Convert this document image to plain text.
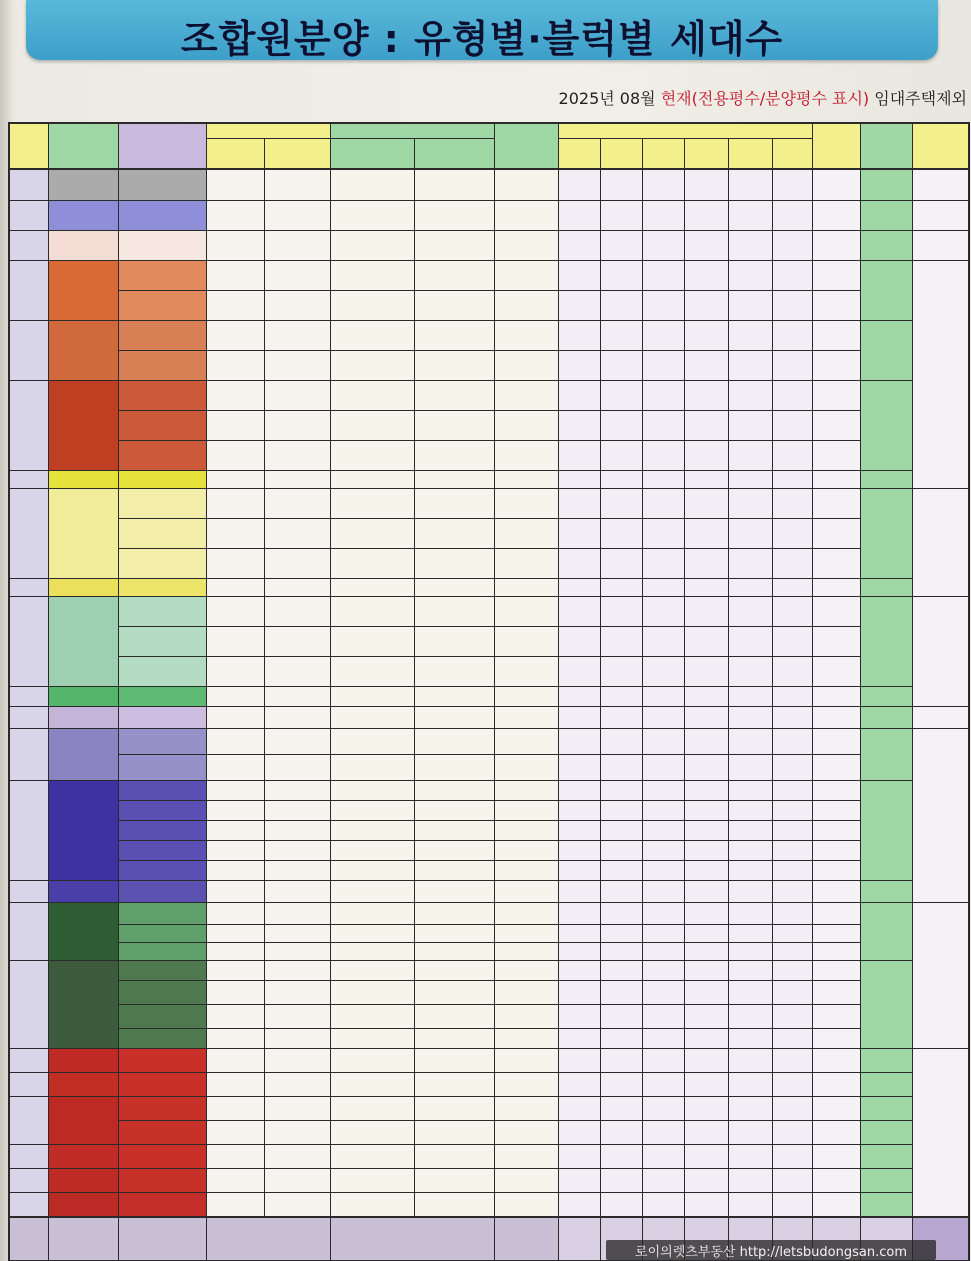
조합원분양 : 유형별·블럭별 세대수
2025년 08월 현재(전용평수/분양평수 표시) 임대주택제외
로이의렛츠부동산 http://letsbudongsan.com
